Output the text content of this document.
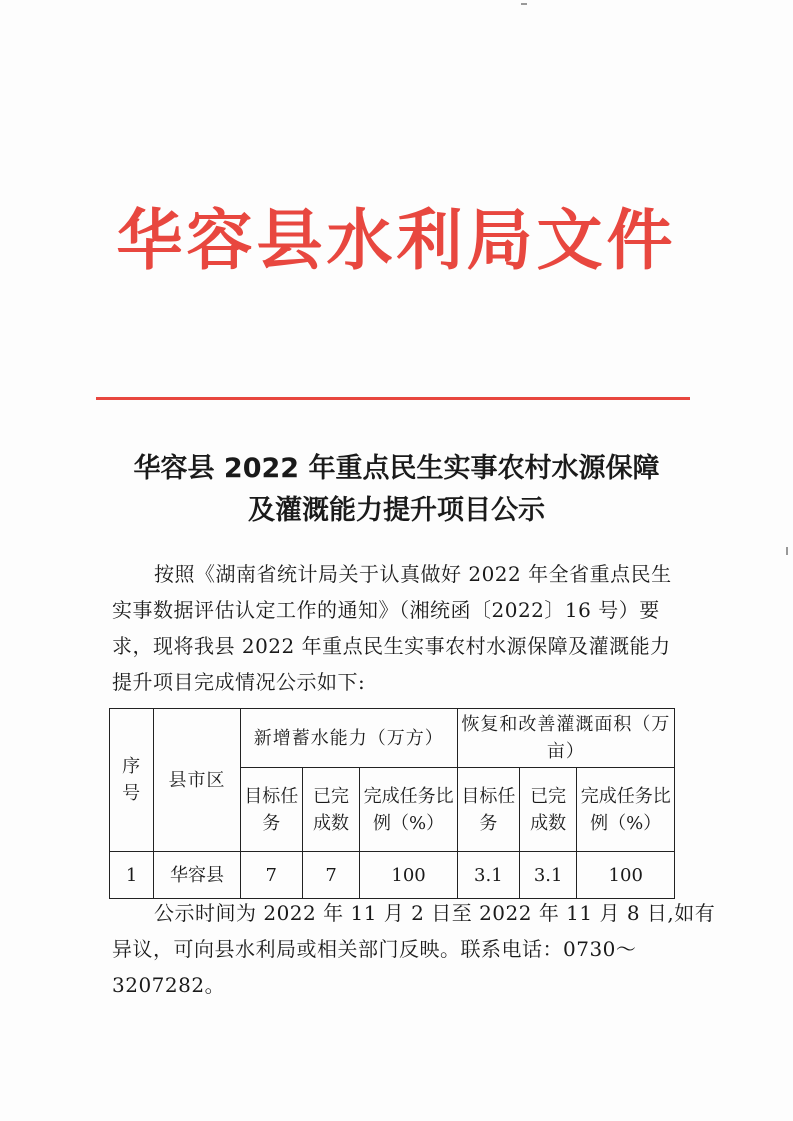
华容县水利局文件
华容县 2022 年重点民生实事农村水源保障
及灌溉能力提升项目公示
按照《湖南省统计局关于认真做好 2022 年全省重点民生
实事数据评估认定工作的通知》（湘统函〔2022〕16 号）要
求，现将我县 2022 年重点民生实事农村水源保障及灌溉能力
提升项目完成情况公示如下:
序号	县市区	新增蓄水能力（万方）			恢复和改善灌溉面积（万亩）		
		目标任务	已完成数	完成任务比例（%）	目标任务	已完成数	完成任务比例（%）
1	华容县	7	7	100	3.1	3.1	100
公示时间为 2022 年 11 月 2 日至 2022 年 11 月 8 日,如有
异议，可向县水利局或相关部门反映。联系电话：0730～
3207282。
